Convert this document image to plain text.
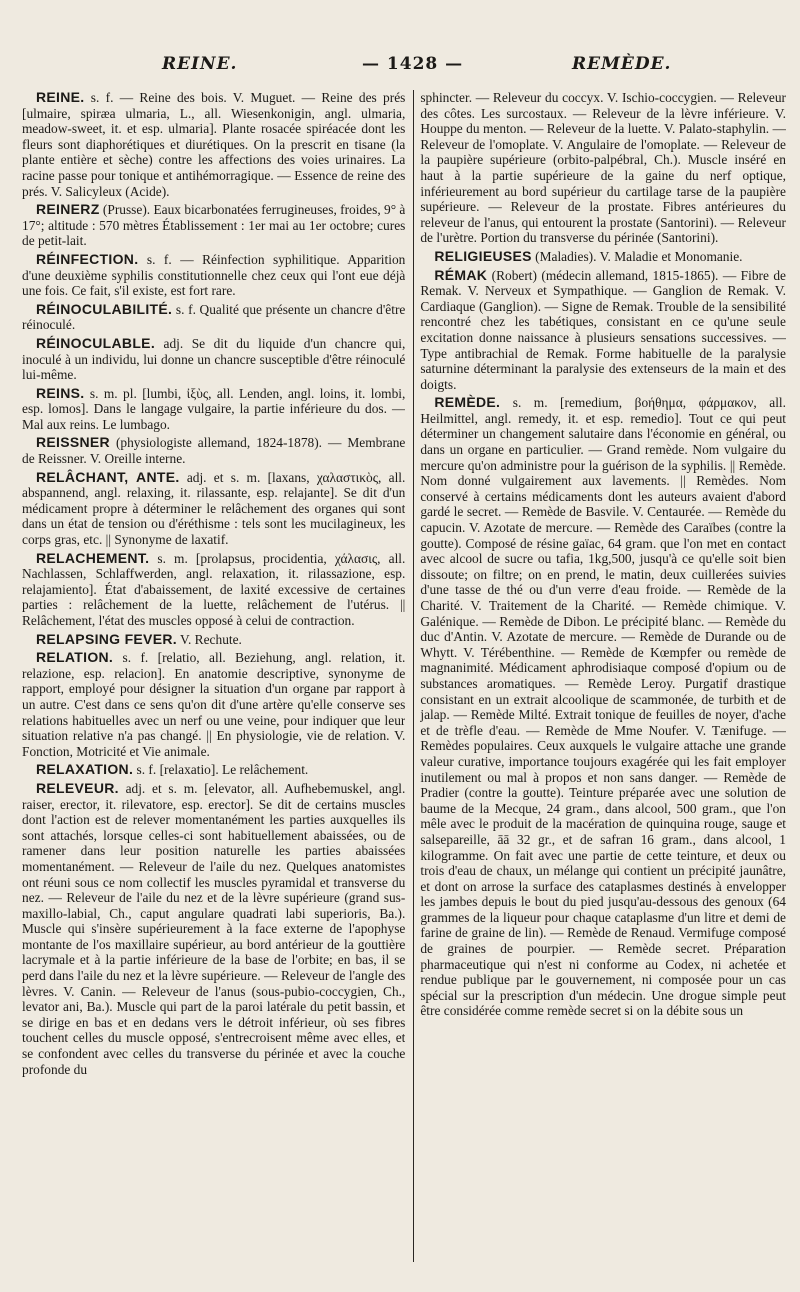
REINE.	— 1428 —	REMÈDE.

REINE. s. f. — Reine des bois. V. Muguet. — Reine des prés [ulmaire, spiræa ulmaria, L., all. Wiesenkonigin, angl. ulmaria, meadow-sweet, it. et esp. ulmaria]. Plante rosacée spiréacée dont les fleurs sont diaphorétiques et diurétiques. On la prescrit en tisane (la plante entière et sèche) contre les affections des voies urinaires. La racine passe pour tonique et antihémorragique. — Essence de reine des prés. V. Salicyleux (Acide).

REINERZ (Prusse). Eaux bicarbonatées ferrugineuses, froides, 9° à 17°; altitude : 570 mètres Établissement : 1er mai au 1er octobre; cures de petit-lait.

RÉINFECTION. s. f. — Réinfection syphilitique. Apparition d'une deuxième syphilis constitutionnelle chez ceux qui l'ont eue déjà une fois. Ce fait, s'il existe, est fort rare.

RÉINOCULABILITÉ. s. f. Qualité que présente un chancre d'être réinoculé.

RÉINOCULABLE. adj. Se dit du liquide d'un chancre qui, inoculé à un individu, lui donne un chancre susceptible d'être réinoculé lui-même.

REINS. s. m. pl. [lumbi, ἰξὺς, all. Lenden, angl. loins, it. lombi, esp. lomos]. Dans le langage vulgaire, la partie inférieure du dos. — Mal aux reins. Le lumbago.

REISSNER (physiologiste allemand, 1824-1878). — Membrane de Reissner. V. Oreille interne.

RELÂCHANT, ANTE. adj. et s. m. [laxans, χαλαστικὸς, all. abspannend, angl. relaxing, it. rilassante, esp. relajante]. Se dit d'un médicament propre à déterminer le relâchement des organes qui sont dans un état de tension ou d'éréthisme : tels sont les mucilagineux, les corps gras, etc. || Synonyme de laxatif.

RELACHEMENT. s. m. [prolapsus, procidentia, χάλασις, all. Nachlassen, Schlaffwerden, angl. relaxation, it. rilassazione, esp. relajamiento]. État d'abaissement, de laxité excessive de certaines parties : relâchement de la luette, relâchement de l'utérus. || Relâchement, l'état des muscles opposé à celui de contraction.

RELAPSING FEVER. V. Rechute.

RELATION. s. f. [relatio, all. Beziehung, angl. relation, it. relazione, esp. relacion]. En anatomie descriptive, synonyme de rapport, employé pour désigner la situation d'un organe par rapport à un autre. C'est dans ce sens qu'on dit d'une artère qu'elle conserve ses relations habituelles avec un nerf ou une veine, pour indiquer que leur situation relative n'a pas changé. || En physiologie, vie de relation. V. Fonction, Motricité et Vie animale.

RELAXATION. s. f. [relaxatio]. Le relâchement.

RELEVEUR. adj. et s. m. [elevator, all. Aufhebemuskel, angl. raiser, erector, it. rilevatore, esp. erector]. Se dit de certains muscles dont l'action est de relever momentanément les parties auxquelles ils sont attachés, lorsque celles-ci sont habituellement abaissées, ou de ramener dans leur position naturelle les parties abaissées momentanément. — Releveur de l'aile du nez. Quelques anatomistes ont réuni sous ce nom collectif les muscles pyramidal et transverse du nez. — Releveur de l'aile du nez et de la lèvre supérieure (grand sus-maxillo-labial, Ch., caput angulare quadrati labi superioris, Ba.). Muscle qui s'insère supérieurement à la face externe de l'apophyse montante de l'os maxillaire supérieur, au bord antérieur de la gouttière lacrymale et à la partie inférieure de la base de l'orbite; en bas, il se perd dans l'aile du nez et la lèvre supérieure. — Releveur de l'angle des lèvres. V. Canin. — Releveur de l'anus (sous-pubio-coccygien, Ch., levator ani, Ba.). Muscle qui part de la paroi latérale du petit bassin, et se dirige en bas et en dedans vers le détroit inférieur, où ses fibres touchent celles du muscle opposé, s'entrecroisent même avec elles, et se confondent avec celles du transverse du périnée et avec la couche profonde du

sphincter. — Releveur du coccyx. V. Ischio-coccygien. — Releveur des côtes. Les surcostaux. — Releveur de la lèvre inférieure. V. Houppe du menton. — Releveur de la luette. V. Palato-staphylin. — Releveur de l'omoplate. V. Angulaire de l'omoplate. — Releveur de la paupière supérieure (orbito-palpébral, Ch.). Muscle inséré en haut à la partie supérieure de la gaine du nerf optique, inférieurement au bord supérieur du cartilage tarse de la paupière supérieure. — Releveur de la prostate. Fibres antérieures du releveur de l'anus, qui entourent la prostate (Santorini). — Releveur de l'urètre. Portion du transverse du périnée (Santorini).

RELIGIEUSES (Maladies). V. Maladie et Monomanie.

RÉMAK (Robert) (médecin allemand, 1815-1865). — Fibre de Remak. V. Nerveux et Sympathique. — Ganglion de Remak. V. Cardiaque (Ganglion). — Signe de Remak. Trouble de la sensibilité rencontré chez les tabétiques, consistant en ce qu'une seule excitation donne naissance à plusieurs sensations successives. — Type antibrachial de Remak. Forme habituelle de la paralysie saturnine déterminant la paralysie des extenseurs de la main et des doigts.

REMÈDE. s. m. [remedium, βοήθημα, φάρμακον, all. Heilmittel, angl. remedy, it. et esp. remedio]. Tout ce qui peut déterminer un changement salutaire dans l'économie en général, ou dans un organe en particulier. — Grand remède. Nom vulgaire du mercure qu'on administre pour la guérison de la syphilis. || Remède. Nom donné vulgairement aux lavements. || Remèdes. Nom conservé à certains médicaments dont les auteurs avaient d'abord gardé le secret. — Remède de Basvile. V. Centaurée. — Remède du capucin. V. Azotate de mercure. — Remède des Caraïbes (contre la goutte). Composé de résine gaïac, 64 gram. que l'on met en contact avec alcool de sucre ou tafia, 1kg,500, jusqu'à ce qu'elle soit bien dissoute; on filtre; on en prend, le matin, deux cuillerées suivies d'une tasse de thé ou d'un verre d'eau froide. — Remède de la Charité. V. Traitement de la Charité. — Remède chimique. V. Galénique. — Remède de Dibon. Le précipité blanc. — Remède du duc d'Antin. V. Azotate de mercure. — Remède de Durande ou de Whytt. V. Térébenthine. — Remède de Kœmpfer ou remède de magnanimité. Médicament aphrodisiaque composé d'opium ou de substances aromatiques. — Remède Leroy. Purgatif drastique consistant en un extrait alcoolique de scammonée, de turbith et de jalap. — Remède Milté. Extrait tonique de feuilles de noyer, d'ache et de trèfle d'eau. — Remède de Mme Noufer. V. Tænifuge. — Remèdes populaires. Ceux auxquels le vulgaire attache une grande valeur curative, importance toujours exagérée qui les fait employer inutilement ou mal à propos et non sans danger. — Remède de Pradier (contre la goutte). Teinture préparée avec une solution de baume de la Mecque, 24 gram., dans alcool, 500 gram., que l'on mêle avec le produit de la macération de quinquina rouge, sauge et salsepareille, āā 32 gr., et de safran 16 gram., dans alcool, 1 kilogramme. On fait avec une partie de cette teinture, et deux ou trois d'eau de chaux, un mélange qui contient un précipité jaunâtre, et dont on arrose la surface des cataplasmes destinés à envelopper les jambes depuis le bout du pied jusqu'au-dessous des genoux (64 grammes de la liqueur pour chaque cataplasme d'un litre et demi de farine de graine de lin). — Remède de Renaud. Vermifuge composé de graines de pourpier. — Remède secret. Préparation pharmaceutique qui n'est ni conforme au Codex, ni achetée et rendue publique par le gouvernement, ni composée pour un cas spécial sur la prescription d'un médecin. Une drogue simple peut être considérée comme remède secret si on la débite sous un
